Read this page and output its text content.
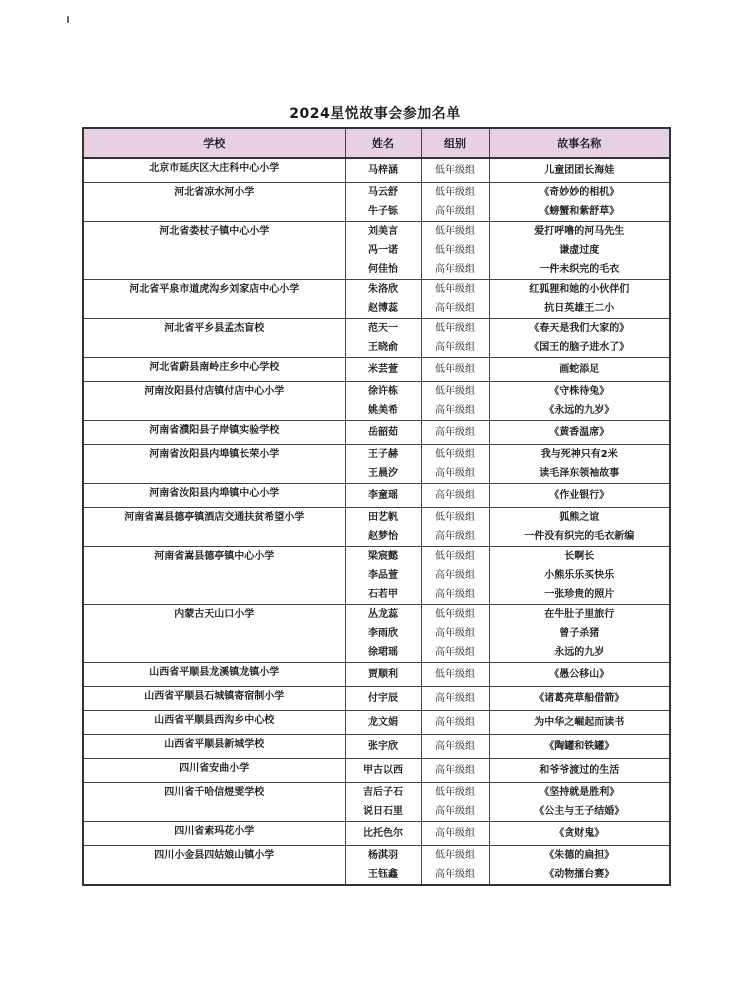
2024星悦故事会参加名单
学校	姓名	组别	故事名称
北京市延庆区大庄科中心小学	马梓涵	低年级组	儿童团团长海娃
河北省凉水河小学	马云舒	低年级组	《奇妙妙的相机》
	牛子铄	高年级组	《螃蟹和紫舒草》
河北省娄杖子镇中心小学	刘美言	低年级组	爱打呼噜的河马先生
	冯一诺	低年级组	谦虚过度
	何佳怡	高年级组	一件未织完的毛衣
河北省平泉市道虎沟乡刘家店中心小学	朱洛欣	低年级组	红狐狸和她的小伙伴们
	赵博蕊	高年级组	抗日英雄王二小
河北省平乡县孟杰盲校	范天一	低年级组	《春天是我们大家的》
	王晓俞	高年级组	《国王的脑子进水了》
河北省蔚县南岭庄乡中心学校	米芸萱	低年级组	画蛇添足
河南汝阳县付店镇付店中心小学	徐许栋	低年级组	《守株待兔》
	姚美希	高年级组	《永远的九岁》
河南省濮阳县子岸镇实验学校	岳韶茹	高年级组	《黄香温席》
河南省汝阳县内埠镇长荣小学	王子赫	低年级组	我与死神只有2米
	王晨汐	高年级组	读毛泽东领袖故事
河南省汝阳县内埠镇中心小学	李童瑶	高年级组	《作业银行》
河南省嵩县德亭镇酒店交通扶贫希望小学	田艺帆	低年级组	狐熊之谊
	赵梦怡	高年级组	一件没有织完的毛衣新编
河南省嵩县德亭镇中心小学	梁宸懿	低年级组	长啊长
	李品萱	高年级组	小熊乐乐买快乐
	石若甲	高年级组	一张珍贵的照片
内蒙古天山口小学	丛龙蕊	低年级组	在牛肚子里旅行
	李雨欣	高年级组	曾子杀猪
	徐珺瑶	高年级组	永远的九岁
山西省平顺县龙溪镇龙镇小学	贾顺利	低年级组	《愚公移山》
山西省平顺县石城镇寄宿制小学	付宇辰	高年级组	《诸葛亮草船借箭》
山西省平顺县西沟乡中心校	龙文娟	高年级组	为中华之崛起而读书
山西省平顺县新城学校	张宇欣	高年级组	《陶罐和铁罐》
四川省安曲小学	甲古以西	高年级组	和爷爷渡过的生活
四川省千哈信煜雯学校	吉后子石	低年级组	《坚持就是胜利》
	说日石里	高年级组	《公主与王子结婚》
四川省索玛花小学	比托色尔	高年级组	《贪财鬼》
四川小金县四姑娘山镇小学	杨淇羽	低年级组	《朱德的扁担》
	王钰鑫	高年级组	《动物擂台赛》
